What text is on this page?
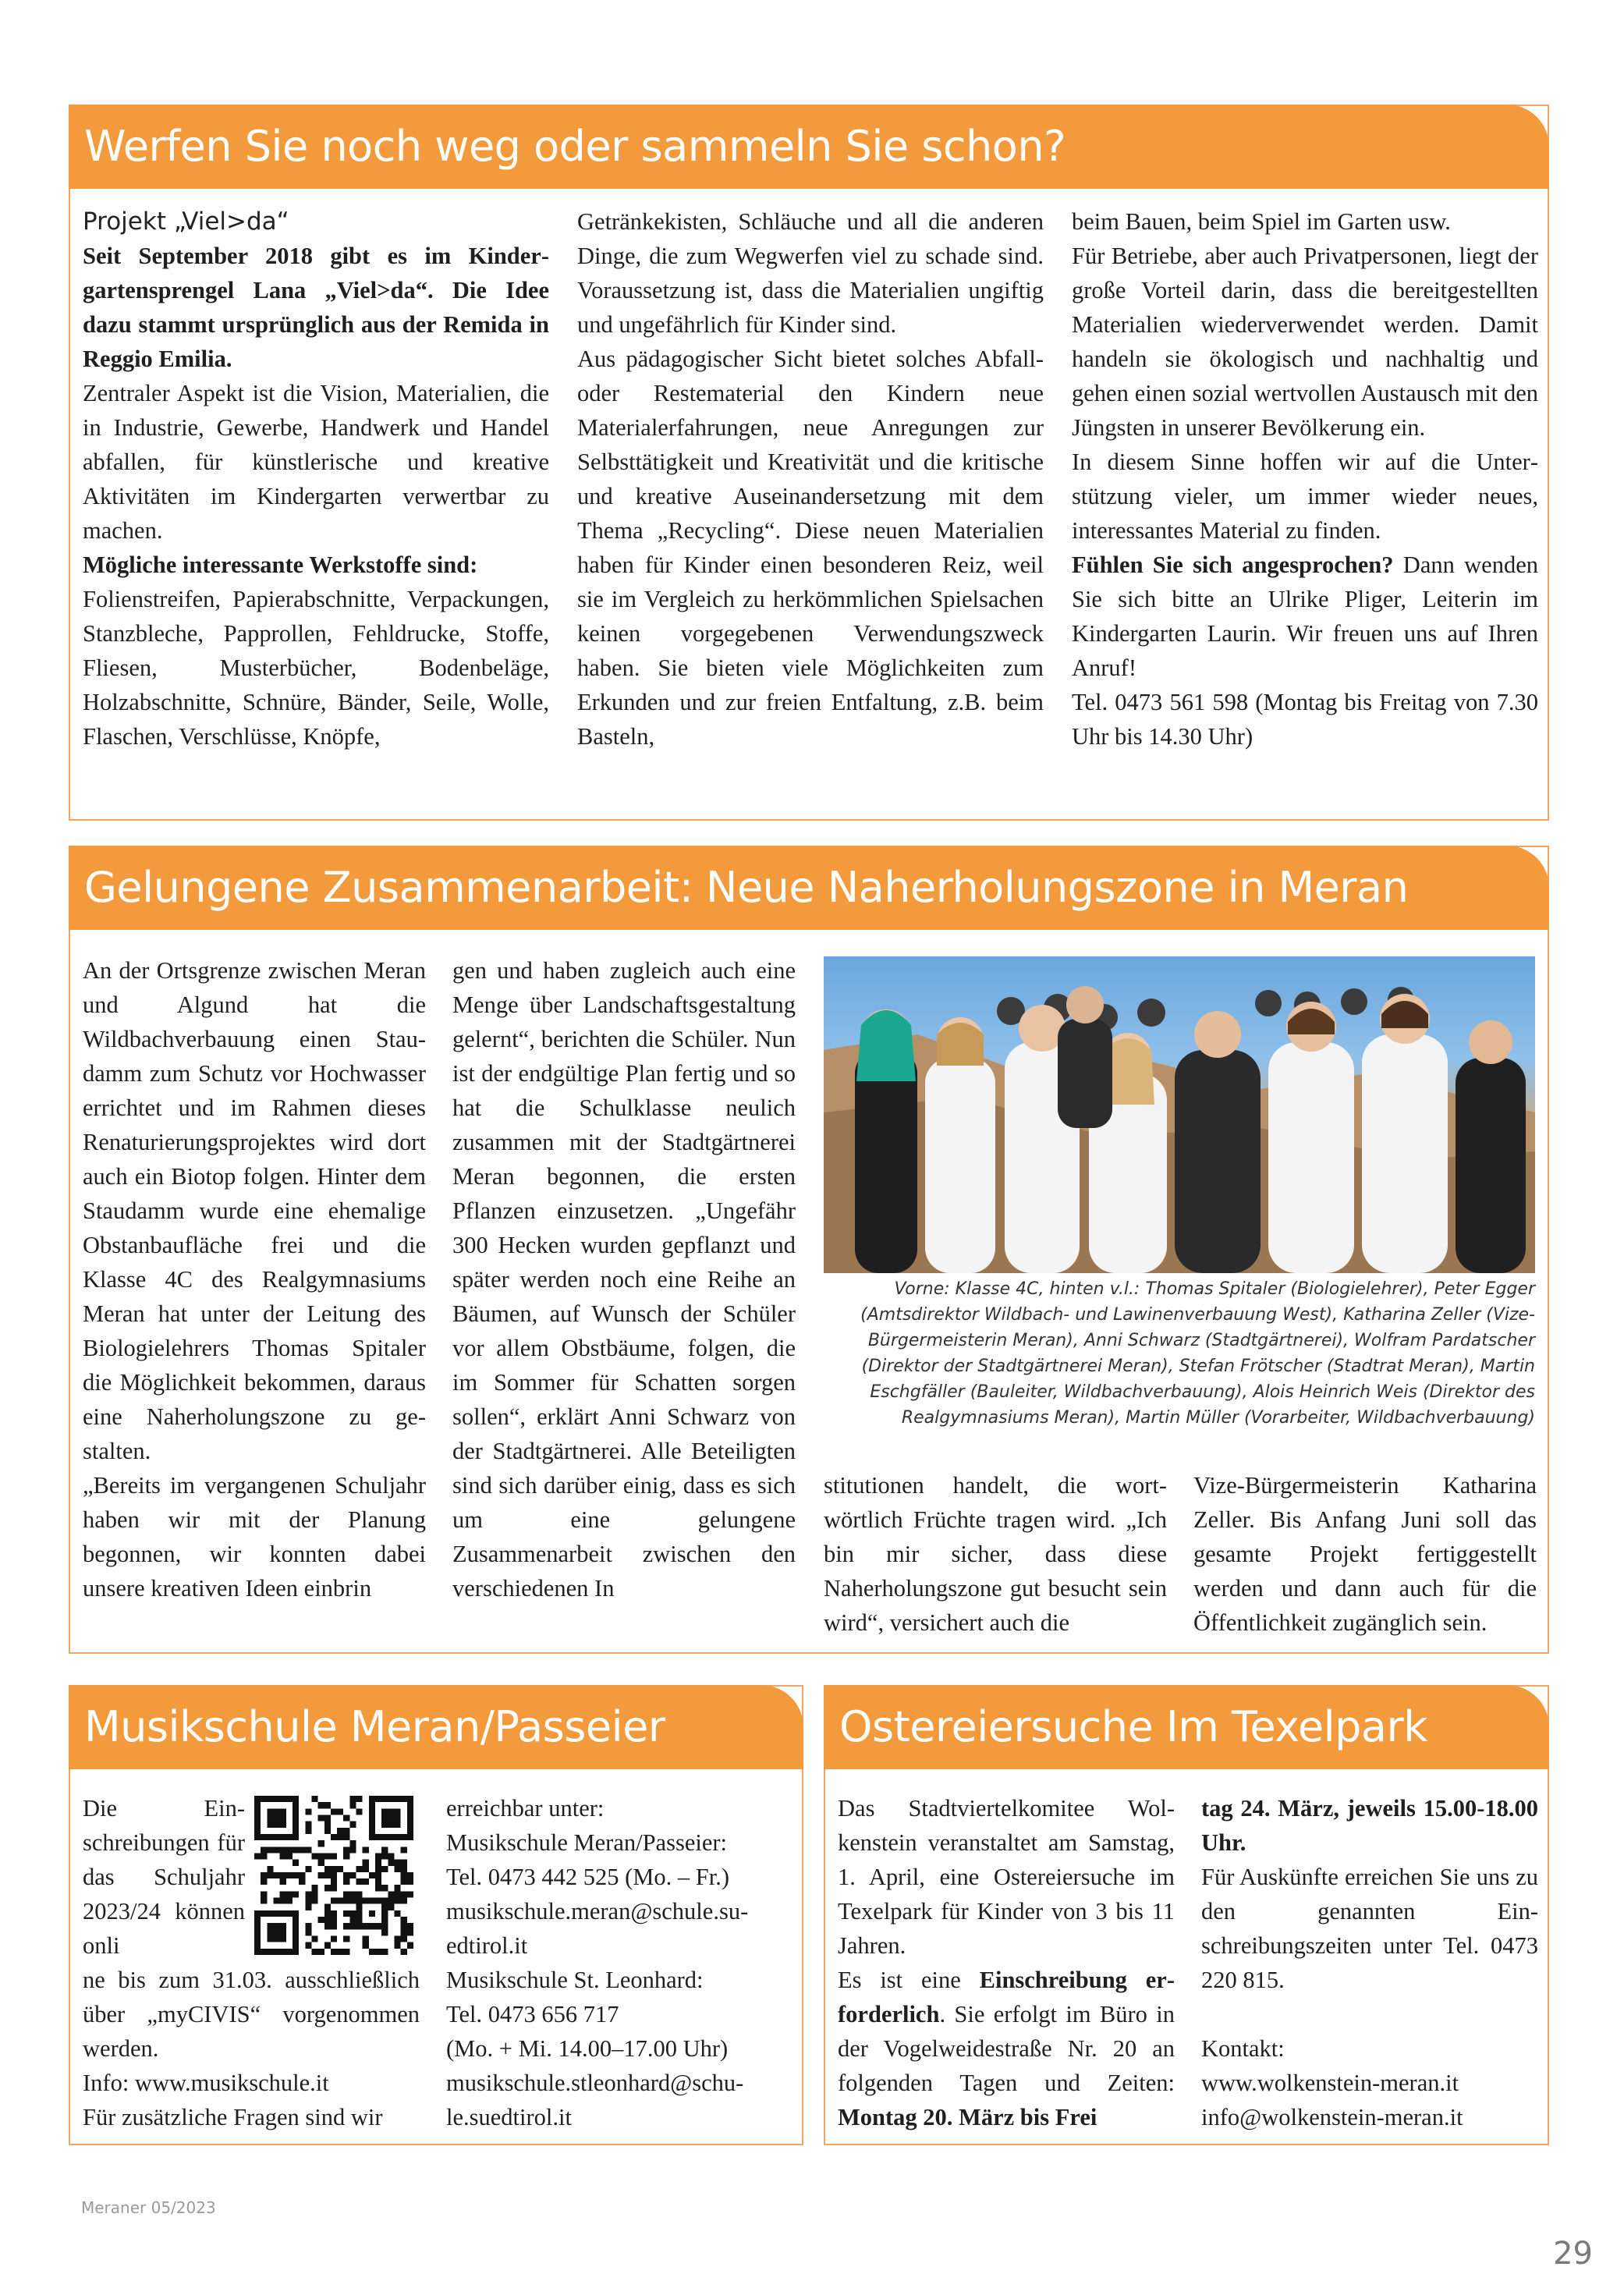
Werfen Sie noch weg oder sammeln Sie schon?

Projekt „Viel>da“

Seit September 2018 gibt es im Kindergartensprengel Lana „Viel>da“. Die Idee dazu stammt ursprünglich aus der Remida in Reggio Emilia.

Zentraler Aspekt ist die Vision, Materialien, die in Industrie, Gewerbe, Handwerk und Handel abfallen, für künstlerische und kreative Aktivitäten im Kindergarten verwertbar zu machen.

Mögliche interessante Werkstoffe sind:

Folienstreifen, Papierabschnitte, Verpackungen, Stanzbleche, Papprollen, Fehldrucke, Stoffe, Fliesen, Musterbücher, Bodenbeläge, Holzabschnitte, Schnüre, Bänder, Seile, Wolle, Flaschen, Verschlüsse, Knöpfe,

Getränkekisten, Schläuche und all die anderen Dinge, die zum Wegwerfen viel zu schade sind. Voraussetzung ist, dass die Materialien ungiftig und ungefährlich für Kinder sind.

Aus pädagogischer Sicht bietet solches Abfall- oder Restematerial den Kindern neue Materialerfahrungen, neue Anregungen zur Selbsttätigkeit und Kreativität und die kritische und kreative Auseinandersetzung mit dem Thema „Recycling“. Diese neuen Materialien haben für Kinder einen besonderen Reiz, weil sie im Vergleich zu herkömmlichen Spielsachen keinen vorgegebenen Verwendungszweck haben. Sie bieten viele Möglichkeiten zum Erkunden und zur freien Entfaltung, z.B. beim Basteln,

beim Bauen, beim Spiel im Garten usw.

Für Betriebe, aber auch Privatpersonen, liegt der große Vorteil darin, dass die bereitgestellten Materialien wiederverwendet werden. Damit handeln sie ökologisch und nachhaltig und gehen einen sozial wertvollen Austausch mit den Jüngsten in unserer Bevölkerung ein.

In diesem Sinne hoffen wir auf die Unterstützung vieler, um immer wieder neues, interessantes Material zu finden.

Fühlen Sie sich angesprochen? Dann wenden Sie sich bitte an Ulrike Pliger, Leiterin im Kindergarten Laurin. Wir freuen uns auf Ihren Anruf!

Tel. 0473 561 598 (Montag bis Freitag von 7.30 Uhr bis 14.30 Uhr)

Gelungene Zusammenarbeit: Neue Naherholungszone in Meran

An der Ortsgrenze zwischen Meran und Algund hat die Wildbachverbauung einen Staudamm zum Schutz vor Hochwasser errichtet und im Rahmen dieses Renaturierungsprojektes wird dort auch ein Biotop folgen. Hinter dem Staudamm wurde eine ehemalige Obstanbaufläche frei und die Klasse 4C des Realgymnasiums Meran hat unter der Leitung des Biologielehrers Thomas Spitaler die Möglichkeit bekommen, daraus eine Naherholungszone zu gestalten.

„Bereits im vergangenen Schuljahr haben wir mit der Planung begonnen, wir konnten dabei unsere kreativen Ideen einbrin

gen und haben zugleich auch eine Menge über Landschaftsgestaltung gelernt“, berichten die Schüler. Nun ist der endgültige Plan fertig und so hat die Schulklasse neulich zusammen mit der Stadtgärtnerei Meran begonnen, die ersten Pflanzen einzusetzen. „Ungefähr 300 Hecken wurden gepflanzt und später werden noch eine Reihe an Bäumen, auf Wunsch der Schüler vor allem Obstbäume, folgen, die im Sommer für Schatten sorgen sollen“, erklärt Anni Schwarz von der Stadtgärtnerei. Alle Beteiligten sind sich darüber einig, dass es sich um eine gelungene Zusammenarbeit zwischen den verschiedenen In

Vorne: Klasse 4C, hinten v.l.: Thomas Spitaler (Biologielehrer), Peter Egger (Amtsdirektor Wildbach- und Lawinenverbauung West), Katharina Zeller (Vize-Bürgermeisterin Meran), Anni Schwarz (Stadtgärtnerei), Wolfram Pardatscher (Direktor der Stadtgärtnerei Meran), Stefan Frötscher (Stadtrat Meran), Martin Eschgfäller (Bauleiter, Wildbachverbauung), Alois Heinrich Weis (Direktor des Realgymnasiums Meran), Martin Müller (Vorarbeiter, Wildbachverbauung)

stitutionen handelt, die wortwörtlich Früchte tragen wird. „Ich bin mir sicher, dass diese Naherholungszone gut besucht sein wird“, versichert auch die

Vize-Bürgermeisterin Katharina Zeller. Bis Anfang Juni soll das gesamte Projekt fertiggestellt werden und dann auch für die Öffentlichkeit zugänglich sein.

Musikschule Meran/Passeier

Die Einschreibungen für das Schuljahr 2023/24 können onli

ne bis zum 31.03. ausschließlich über „myCIVIS“ vorgenommen werden.

Info: www.musikschule.it

Für zusätzliche Fragen sind wir

erreichbar unter:

Musikschule Meran/Passeier:

Tel. 0473 442 525 (Mo. – Fr.)

musikschule.meran@schule.suedtirol.it

Musikschule St. Leonhard:

Tel. 0473 656 717

(Mo. + Mi. 14.00–17.00 Uhr)

musikschule.stleonhard@schule.suedtirol.it

Ostereiersuche Im Texelpark

Das Stadtviertelkomitee Wolkenstein veranstaltet am Samstag, 1. April, eine Ostereiersuche im Texelpark für Kinder von 3 bis 11 Jahren.

Es ist eine Einschreibung erforderlich. Sie erfolgt im Büro in der Vogelweidestraße Nr. 20 an folgenden Tagen und Zeiten: Montag 20. März bis Frei

tag 24. März, jeweils 15.00-18.00 Uhr.

Für Auskünfte erreichen Sie uns zu den genannten Einschreibungszeiten unter Tel. 0473 220 815.

Kontakt:

www.wolkenstein-meran.it

info@wolkenstein-meran.it

Meraner 05/2023
29
